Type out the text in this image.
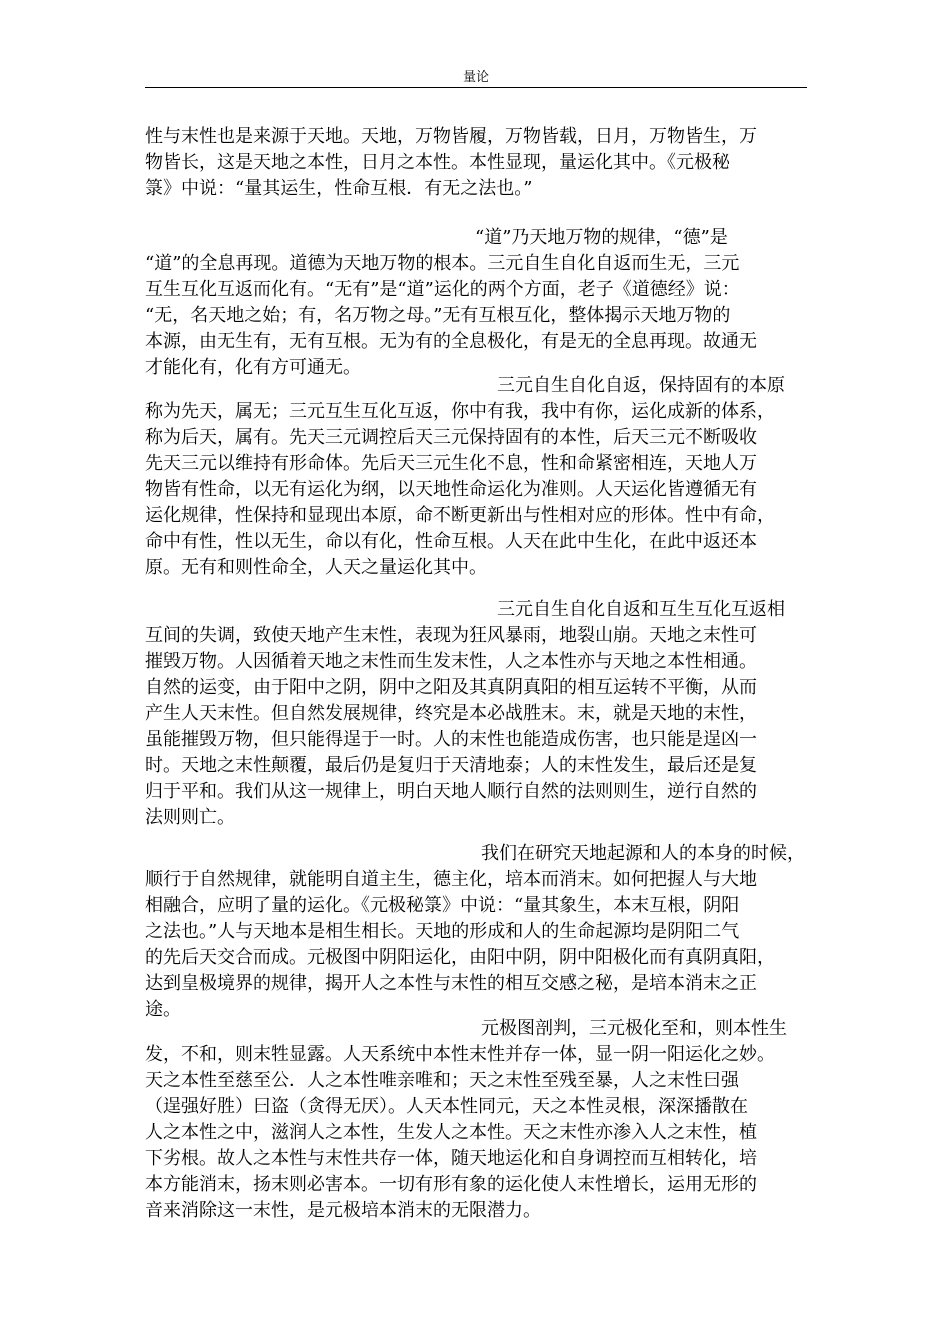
量论
性与末性也是来源于天地。天地，万物皆履，万物皆载，日月，万物皆生，万
物皆长，这是天地之本性，日月之本性。本性显现，量运化其中。《元极秘
箓》中说：“量其运生，性命互根．有无之法也。”
“道”乃天地万物的规律，“德”是
“道”的全息再现。道德为天地万物的根本。三元自生自化自返而生无，三元
互生互化互返而化有。“无有”是“道”运化的两个方面，老子《道德经》说：
“无，名天地之始；有，名万物之母。”无有互根互化，整体揭示天地万物的
本源，由无生有，无有互根。无为有的全息极化，有是无的全息再现。故通无
才能化有，化有方可通无。
三元自生自化自返，保持固有的本原
称为先天，属无；三元互生互化互返，你中有我，我中有你，运化成新的体系，
称为后天，属有。先天三元调控后天三元保持固有的本性，后天三元不断吸收
先天三元以维持有形命体。先后天三元生化不息，性和命紧密相连，天地人万
物皆有性命，以无有运化为纲，以天地性命运化为准则。人天运化皆遵循无有
运化规律，性保持和显现出本原，命不断更新出与性相对应的形体。性中有命，
命中有性，性以无生，命以有化，性命互根。人天在此中生化，在此中返还本
原。无有和则性命全，人天之量运化其中。
三元自生自化自返和互生互化互返相
互间的失调，致使天地产生末性，表现为狂风暴雨，地裂山崩。天地之末性可
摧毁万物。人因循着天地之末性而生发末性，人之本性亦与天地之本性相通。
自然的运变，由于阳中之阴，阴中之阳及其真阴真阳的相互运转不平衡，从而
产生人天末性。但自然发展规律，终究是本必战胜末。末，就是天地的末性，
虽能摧毁万物，但只能得逞于一时。人的末性也能造成伤害，也只能是逞凶一
时。天地之末性颠覆，最后仍是复归于天清地泰；人的末性发生，最后还是复
归于平和。我们从这一规律上，明白天地人顺行自然的法则则生，逆行自然的
法则则亡。
我们在研究天地起源和人的本身的时候，
顺行于自然规律，就能明自道主生，德主化，培本而消末。如何把握人与大地
相融合，应明了量的运化。《元极秘箓》中说：“量其象生，本末互根，阴阳
之法也。”人与天地本是相生相长。天地的形成和人的生命起源均是阴阳二气
的先后天交合而成。元极图中阴阳运化，由阳中阴，阴中阳极化而有真阴真阳，
达到皇极境界的规律，揭开人之本性与末性的相互交感之秘，是培本消末之正
途。
元极图剖判，三元极化至和，则本性生
发，不和，则末牲显露。人天系统中本性末性并存一体，显一阴一阳运化之妙。
天之本性至慈至公．人之本性唯亲唯和；天之末性至残至暴，人之末性曰强
（逞强好胜）曰盗（贪得无厌）。人天本性同元，天之本性灵根，深深播散在
人之本性之中，滋润人之本性，生发人之本性。天之末性亦渗入人之末性，植
下劣根。故人之本性与末性共存一体，随天地运化和自身调控而互相转化，培
本方能消末，扬末则必害本。一切有形有象的运化使人末性增长，运用无形的
音来消除这一末性，是元极培本消末的无限潜力。
